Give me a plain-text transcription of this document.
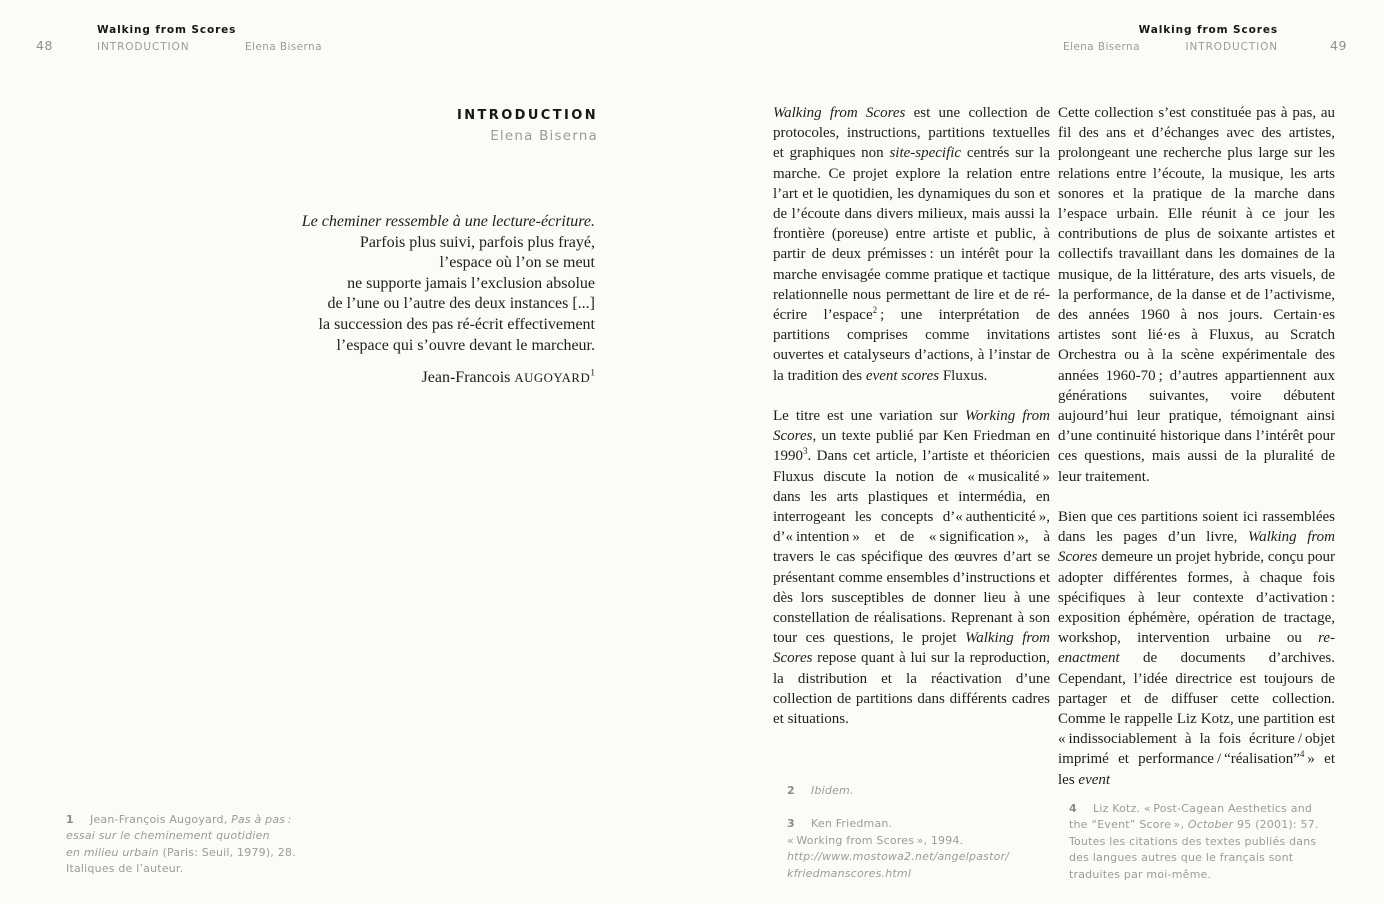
48
Walking from Scores
INTRODUCTION	Elena Biserna	Elena Biserna
Walking from Scores
INTRODUCTION	49
INTRODUCTION
Elena Biserna
Le cheminer ressemble à une lecture-écriture.
Parfois plus suivi, parfois plus frayé,
l’espace où l’on se meut
ne supporte jamais l’exclusion absolue
de l’une ou l’autre des deux instances [...]
la succession des pas ré-écrit effectivement
l’espace qui s’ouvre devant le marcheur.
Jean-Francois AUGOYARD$^1$

Walking from Scores est une collection de protocoles, instructions, partitions textuelles et graphiques non site-specific centrés sur la marche. Ce projet explore la relation entre l’art et le quotidien, les dynamiques du son et de l’écoute dans divers milieux, mais aussi la frontière (poreuse) entre artiste et public, à partir de deux prémisses : un intérêt pour la marche envisagée comme pratique et tactique relationnelle nous permettant de lire et de ré-écrire l’espace$^2$ ; une interprétation de partitions comprises comme invitations ouvertes et catalyseurs d’actions, à l’instar de la tradition des event scores Fluxus.

Le titre est une variation sur Working from Scores, un texte publié par Ken Friedman en 1990$^3$. Dans cet article, l’artiste et théoricien Fluxus discute la notion de « musicalité » dans les arts plastiques et intermédia, en interrogeant les concepts d’« authenticité », d’« intention » et de « signification », à travers le cas spécifique des œuvres d’art se présentant comme ensembles d’instructions et dès lors susceptibles de donner lieu à une constellation de réalisations. Reprenant à son tour ces questions, le projet Walking from Scores repose quant à lui sur la reproduction, la distribution et la réactivation d’une collection de partitions dans différents cadres et situations.

Cette collection s’est constituée pas à pas, au fil des ans et d’échanges avec des artistes, prolongeant une recherche plus large sur les relations entre l’écoute, la musique, les arts sonores et la pratique de la marche dans l’espace urbain. Elle réunit à ce jour les contributions de plus de soixante artistes et collectifs travaillant dans les domaines de la musique, de la littérature, des arts visuels, de la performance, de la danse et de l’activisme, des années 1960 à nos jours. Certain·es artistes sont lié·es à Fluxus, au Scratch Orchestra ou à la scène expérimentale des années 1960-70 ; d’autres appartiennent aux générations suivantes, voire débutent aujourd’hui leur pratique, témoignant ainsi d’une continuité historique dans l’intérêt pour ces questions, mais aussi de la pluralité de leur traitement.

Bien que ces partitions soient ici rassemblées dans les pages d’un livre, Walking from Scores demeure un projet hybride, conçu pour adopter différentes formes, à chaque fois spécifiques à leur contexte d’activation : exposition éphémère, opération de tractage, workshop, intervention urbaine ou re-enactment de documents d’archives. Cependant, l’idée directrice est toujours de partager et de diffuser cette collection. Comme le rappelle Liz Kotz, une partition est « indissociablement à la fois écriture / objet imprimé et performance / “réalisation”$^4$ » et les event

1 Jean-François Augoyard, Pas à pas :
essai sur le cheminement quotidien
en milieu urbain (Paris: Seuil, 1979), 28.
Italiques de l’auteur.
2 Ibidem.
3 Ken Friedman.
« Working from Scores », 1994.
http://www.mostowa2.net/angelpastor/
kfriedmanscores.html
4 Liz Kotz. « Post-Cagean Aesthetics and
the “Event” Score », October 95 (2001): 57.
Toutes les citations des textes publiés dans
des langues autres que le français sont
traduites par moi-même.
